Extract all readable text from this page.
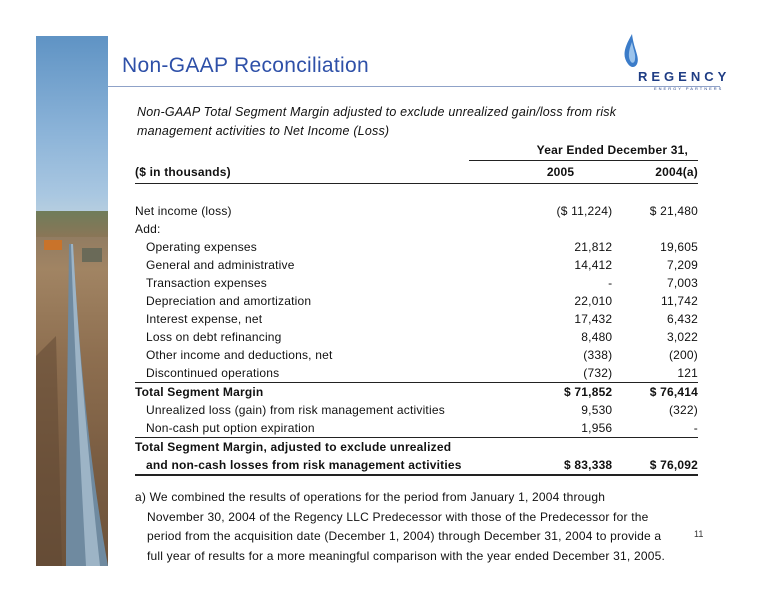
Non-GAAP Reconciliation	REGENCY
ENERGY PARTNERS
Non-GAAP Total Segment Margin adjusted to exclude unrealized gain/loss from risk
management activities to Net Income (Loss)
	Year Ended December 31,	
($ in thousands)	2005	2004(a)

Net income (loss)	($ 11,224)	$ 21,480
Add:		
Operating expenses	21,812	19,605
General and administrative	14,412	7,209
Transaction expenses	-	7,003
Depreciation and amortization	22,010	11,742
Interest expense, net	17,432	6,432
Loss on debt refinancing	8,480	3,022
Other income and deductions, net	(338)	(200)
Discontinued operations	(732)	121
Total Segment Margin	$ 71,852	$ 76,414
Unrealized loss (gain) from risk management activities	9,530	(322)
Non-cash put option expiration	1,956	-
Total Segment Margin, adjusted to exclude unrealized		
and non-cash losses from risk management activities	$ 83,338	$ 76,092

a) We combined the results of operations for the period from January 1, 2004 through

November 30, 2004 of the Regency LLC Predecessor with those of the Predecessor for the

period from the acquisition date (December 1, 2004) through December 31, 2004 to provide a

full year of results for a more meaningful comparison with the year ended December 31, 2005.

11
